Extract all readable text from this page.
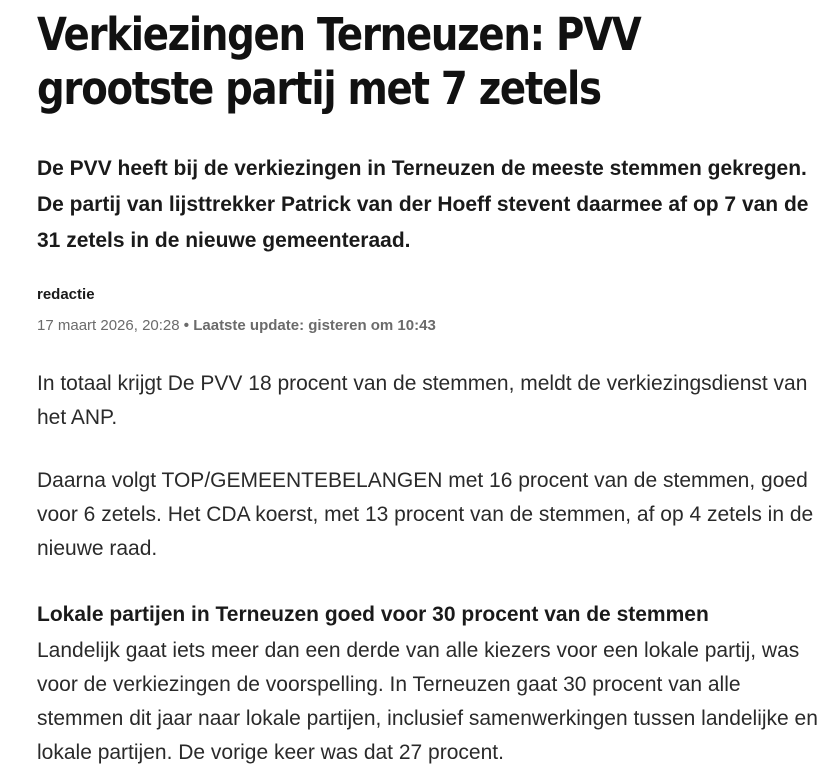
Verkiezingen Terneuzen: PVV grootste partij met 7 zetels

De PVV heeft bij de verkiezingen in Terneuzen de meeste stemmen gekregen. De partij van lijsttrekker Patrick van der Hoeff stevent daarmee af op 7 van de 31 zetels in de nieuwe gemeenteraad.

redactie
17 maart 2026, 20:28 • Laatste update: gisteren om 10:43

In totaal krijgt De PVV 18 procent van de stemmen, meldt de verkiezingsdienst van het ANP.

Daarna volgt TOP/GEMEENTEBELANGEN met 16 procent van de stemmen, goed voor 6 zetels. Het CDA koerst, met 13 procent van de stemmen, af op 4 zetels in de nieuwe raad.

Lokale partijen in Terneuzen goed voor 30 procent van de stemmen

Landelijk gaat iets meer dan een derde van alle kiezers voor een lokale partij, was voor de verkiezingen de voorspelling. In Terneuzen gaat 30 procent van alle stemmen dit jaar naar lokale partijen, inclusief samenwerkingen tussen landelijke en lokale partijen. De vorige keer was dat 27 procent.
